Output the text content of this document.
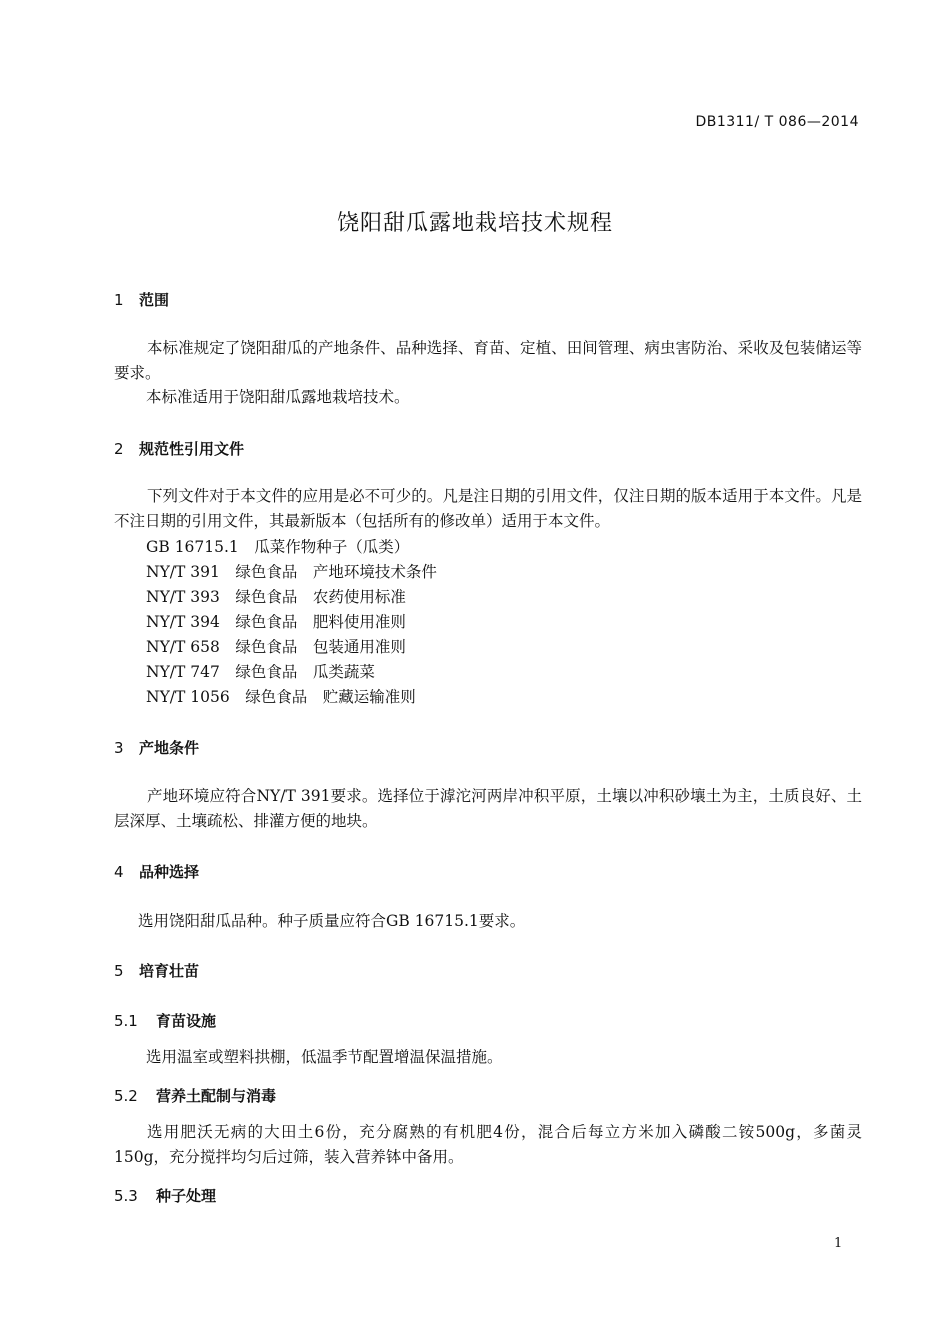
DB1311/ T 086—2014
饶阳甜瓜露地栽培技术规程
1 范围
本标准规定了饶阳甜瓜的产地条件、品种选择、育苗、定植、田间管理、病虫害防治、采收及包装储运等要求。
本标准适用于饶阳甜瓜露地栽培技术。
2 规范性引用文件
下列文件对于本文件的应用是必不可少的。凡是注日期的引用文件，仅注日期的版本适用于本文件。凡是不注日期的引用文件，其最新版本（包括所有的修改单）适用于本文件。
GB 16715.1　瓜菜作物种子（瓜类）
NY/T 391　绿色食品　产地环境技术条件
NY/T 393　绿色食品　农药使用标准
NY/T 394　绿色食品　肥料使用准则
NY/T 658　绿色食品　包装通用准则
NY/T 747　绿色食品　瓜类蔬菜
NY/T 1056　绿色食品　贮藏运输准则
3 产地条件
产地环境应符合NY/T 391要求。选择位于滹沱河两岸冲积平原，土壤以冲积砂壤土为主，土质良好、土层深厚、土壤疏松、排灌方便的地块。
4 品种选择
选用饶阳甜瓜品种。种子质量应符合GB 16715.1要求。
5 培育壮苗
5.1 育苗设施
选用温室或塑料拱棚，低温季节配置增温保温措施。
5.2 营养土配制与消毒
选用肥沃无病的大田土6份，充分腐熟的有机肥4份，混合后每立方米加入磷酸二铵500g，多菌灵150g，充分搅拌均匀后过筛，装入营养钵中备用。
5.3 种子处理
1
